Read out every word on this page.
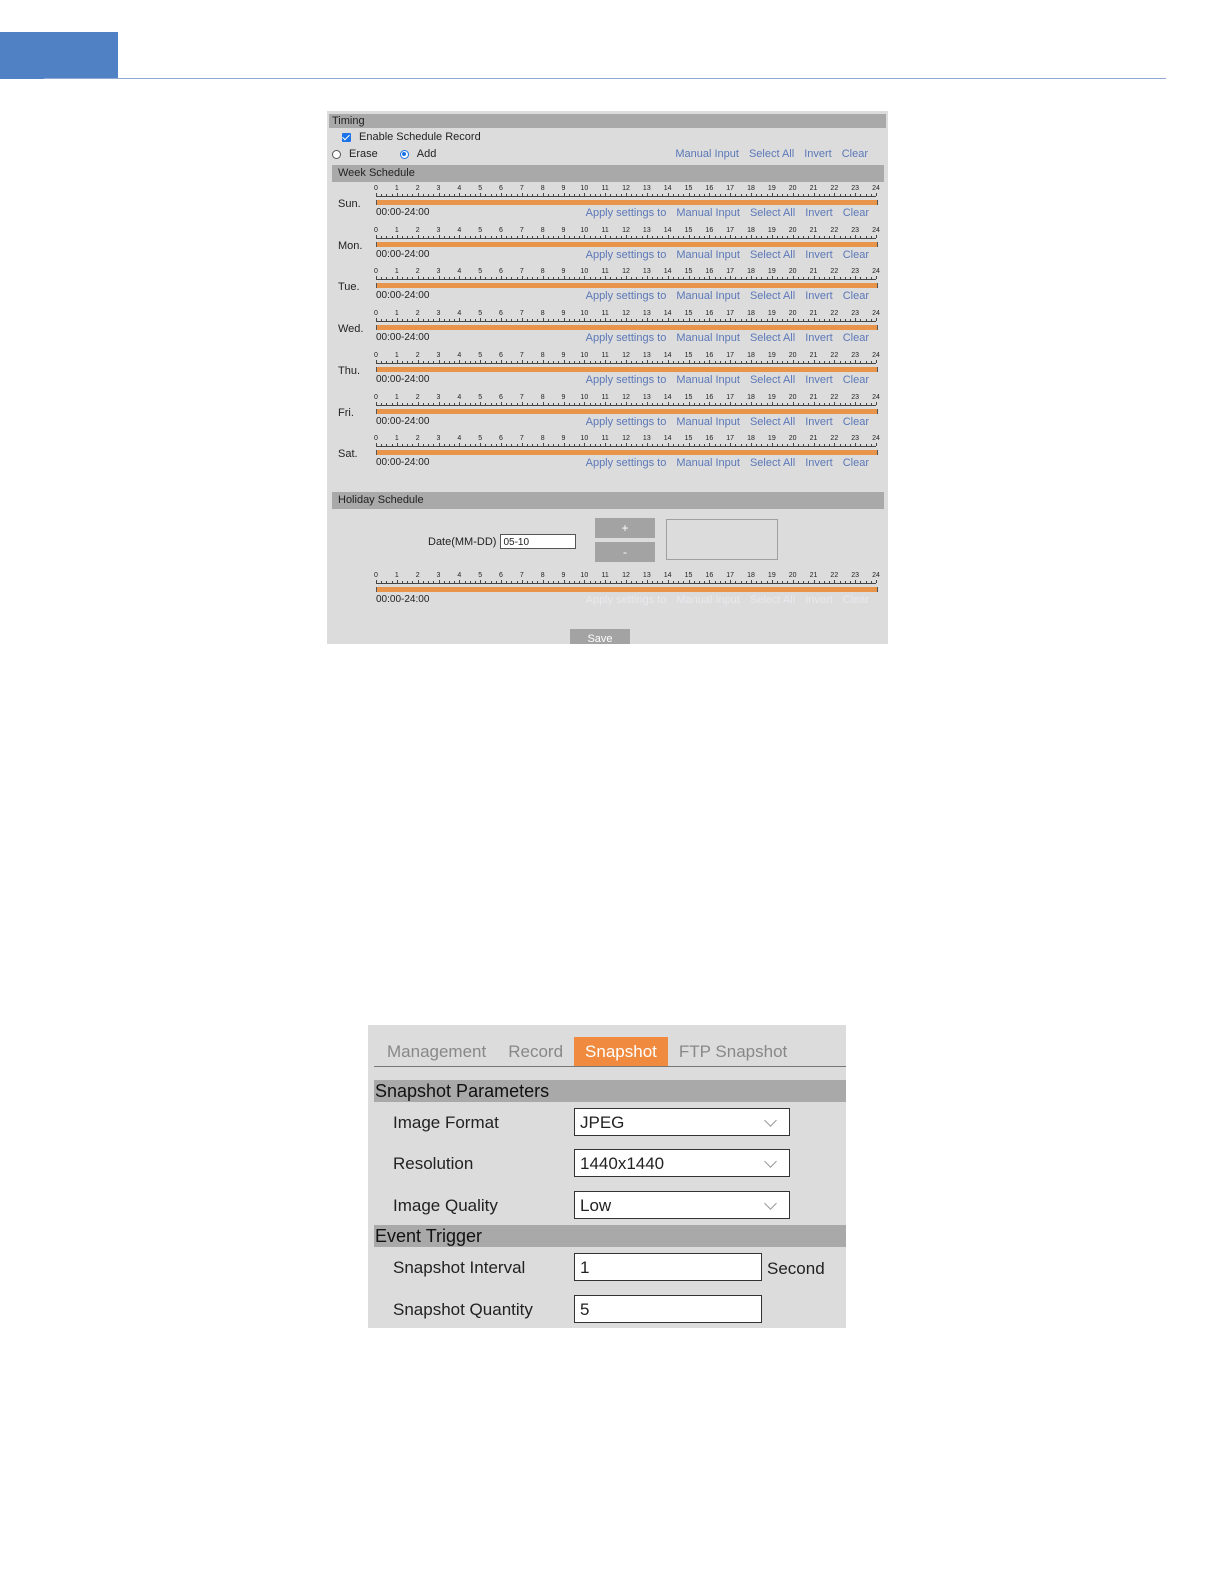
Timing
Enable Schedule Record
Erase	Add	Manual Input Select All Invert Clear
Week Schedule
Sun.
0 1 2 3 4 5 6 7 8 9 10 11 12 13 14 15 16 17 18 19 20 21 22 23 24
00:00-24:00	Apply settings to Manual Input Select All Invert Clear
Mon.
0 1 2 3 4 5 6 7 8 9 10 11 12 13 14 15 16 17 18 19 20 21 22 23 24
00:00-24:00	Apply settings to Manual Input Select All Invert Clear
Tue.
0 1 2 3 4 5 6 7 8 9 10 11 12 13 14 15 16 17 18 19 20 21 22 23 24
00:00-24:00	Apply settings to Manual Input Select All Invert Clear
Wed.
0 1 2 3 4 5 6 7 8 9 10 11 12 13 14 15 16 17 18 19 20 21 22 23 24
00:00-24:00	Apply settings to Manual Input Select All Invert Clear
Thu.
0 1 2 3 4 5 6 7 8 9 10 11 12 13 14 15 16 17 18 19 20 21 22 23 24
00:00-24:00	Apply settings to Manual Input Select All Invert Clear
Fri.
0 1 2 3 4 5 6 7 8 9 10 11 12 13 14 15 16 17 18 19 20 21 22 23 24
00:00-24:00	Apply settings to Manual Input Select All Invert Clear
Sat.
0 1 2 3 4 5 6 7 8 9 10 11 12 13 14 15 16 17 18 19 20 21 22 23 24
00:00-24:00	Apply settings to Manual Input Select All Invert Clear
Holiday Schedule
Date(MM-DD) 05-10
+
-
0 1 2 3 4 5 6 7 8 9 10 11 12 13 14 15 16 17 18 19 20 21 22 23 24
00:00-24:00	Apply settings to Manual Input Select All Invert Clear
Save
Management	Record	Snapshot	FTP Snapshot
Snapshot Parameters
Image Format	JPEG
Resolution	1440x1440
Image Quality	Low
Event Trigger
Snapshot Interval	1	Second
Snapshot Quantity	5
